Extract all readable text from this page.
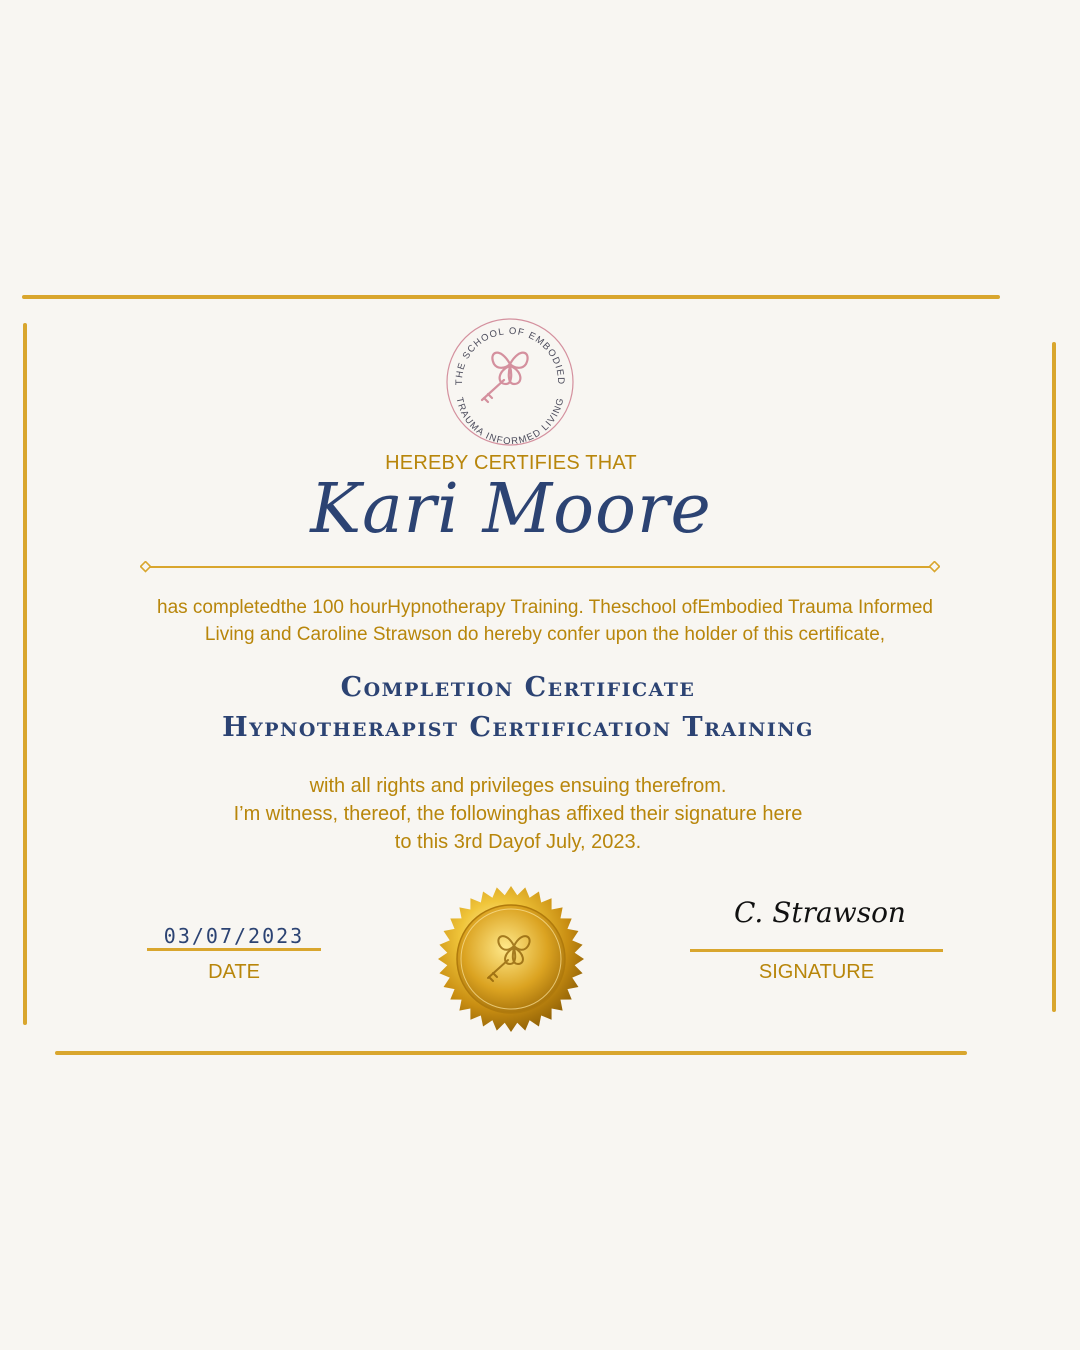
THE SCHOOL OF EMBODIED
TRAUMA INFORMED LIVING
HEREBY CERTIFIES THAT
Kari Moore
has completedthe 100 hourHypnotherapy Training. Theschool ofEmbodied Trauma Informed Living and Caroline Strawson do hereby confer upon the holder of this certificate,
Completion Certificate
Hypnotherapist Certification Training
with all rights and privileges ensuing therefrom.
I’m witness, thereof, the followinghas affixed their signature here
to this 3rd Dayof July, 2023.
03/07/2023
DATE
C. Strawson
SIGNATURE
